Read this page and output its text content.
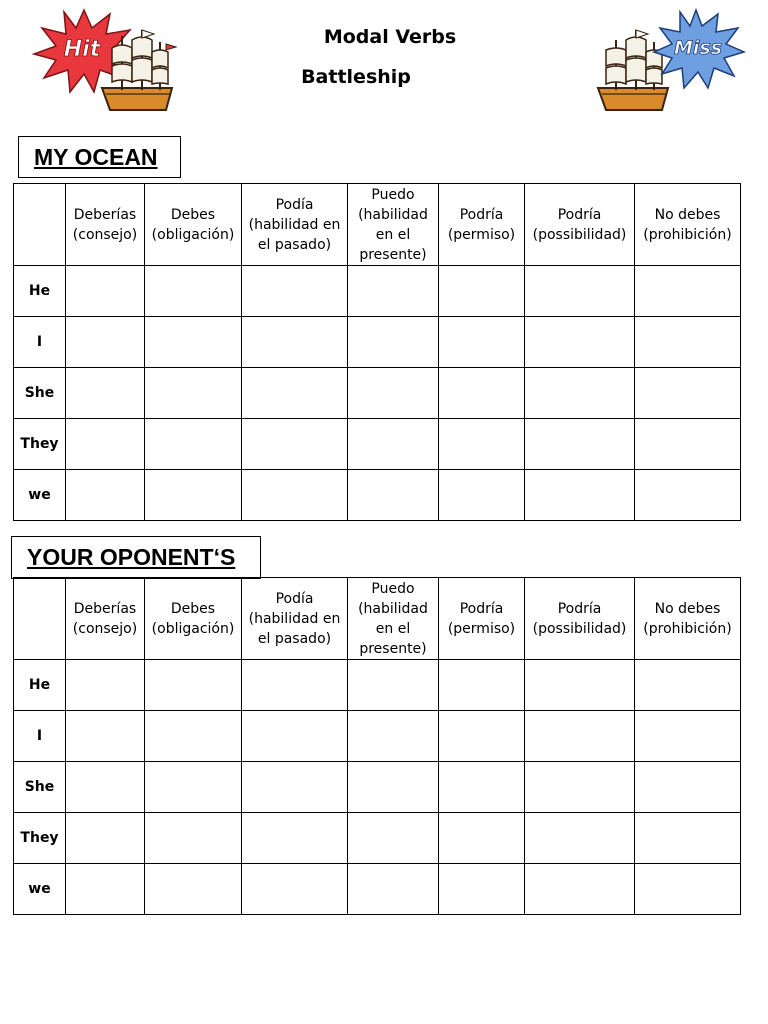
Hit	Miss
Modal Verbs
Battleship
MY OCEAN
	Deberías (consejo)	Debes (obligación)	Podía (habilidad en el pasado)	Puedo (habilidad en el presente)	Podría (permiso)	Podría (possibilidad)	No debes (prohibición)
He							
I							
She							
They							
we							
YOUR OPONENT‘S
	Deberías (consejo)	Debes (obligación)	Podía (habilidad en el pasado)	Puedo (habilidad en el presente)	Podría (permiso)	Podría (possibilidad)	No debes (prohibición)
He							
I							
She							
They							
we							
